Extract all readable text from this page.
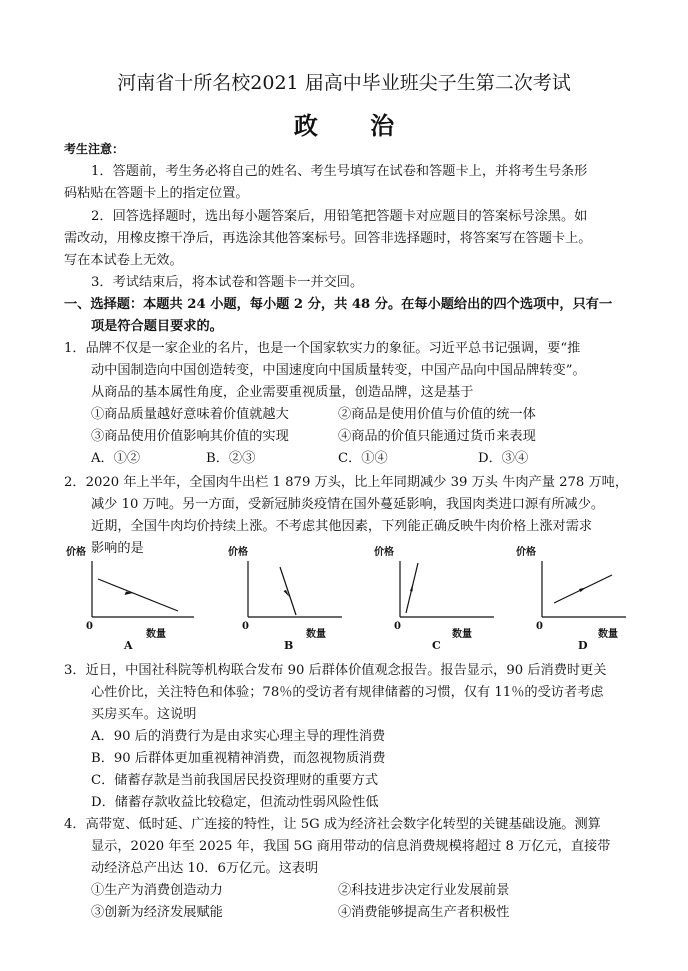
河南省十所名校2021 届高中毕业班尖子生第二次考试
政 治
考生注意：
1．答题前，考生务必将自己的姓名、考生号填写在试卷和答题卡上，并将考生号条形
码粘贴在答题卡上的指定位置。
2．回答选择题时，选出每小题答案后，用铅笔把答题卡对应题目的答案标号涂黑。如
需改动，用橡皮擦干净后，再选涂其他答案标号。回答非选择题时，将答案写在答题卡上。
写在本试卷上无效。
3．考试结束后，将本试卷和答题卡一并交回。
一、选择题：本题共 24 小题，每小题 2 分，共 48 分。在每小题给出的四个选项中，只有一
项是符合题目要求的。
1．品牌不仅是一家企业的名片，也是一个国家软实力的象征。习近平总书记强调，要“推
动中国制造向中国创造转变，中国速度向中国质量转变，中国产品向中国品牌转变”。
从商品的基本属性角度，企业需要重视质量，创造品牌，这是基于
①商品质量越好意味着价值就越大	②商品是使用价值与价值的统一体
③商品使用价值影响其价值的实现	④商品的价值只能通过货币来表现
A．①②	B．②③	C．①④	D．③④
2．2020 年上半年，全国肉牛出栏 1 879 万头，比上年同期减少 39 万头 牛肉产量 278 万吨，
减少 10 万吨。另一方面，受新冠肺炎疫情在国外蔓延影响，我国肉类进口源有所减少。
近期，全国牛肉均价持续上涨。不考虑其他因素，下列能正确反映牛肉价格上涨对需求
影响的是
价格
0
数量
A
价格
0
数量
B
价格
0
数量
C
价格
0
数量
D
3．近日，中国社科院等机构联合发布 90 后群体价值观念报告。报告显示，90 后消费时更关
心性价比，关注特色和体验；78％的受访者有规律储蓄的习惯，仅有 11％的受访者考虑
买房买车。这说明
A．90 后的消费行为是由求实心理主导的理性消费
B．90 后群体更加重视精神消费，而忽视物质消费
C．储蓄存款是当前我国居民投资理财的重要方式
D．储蓄存款收益比较稳定，但流动性弱风险性低
4．高带宽、低时延、广连接的特性，让 5G 成为经济社会数字化转型的关键基础设施。测算
显示，2020 年至 2025 年，我国 5G 商用带动的信息消费规模将超过 8 万亿元，直接带
动经济总产出达 10．6万亿元。这表明
①生产为消费创造动力	②科技进步决定行业发展前景
③创新为经济发展赋能	④消费能够提高生产者积极性
